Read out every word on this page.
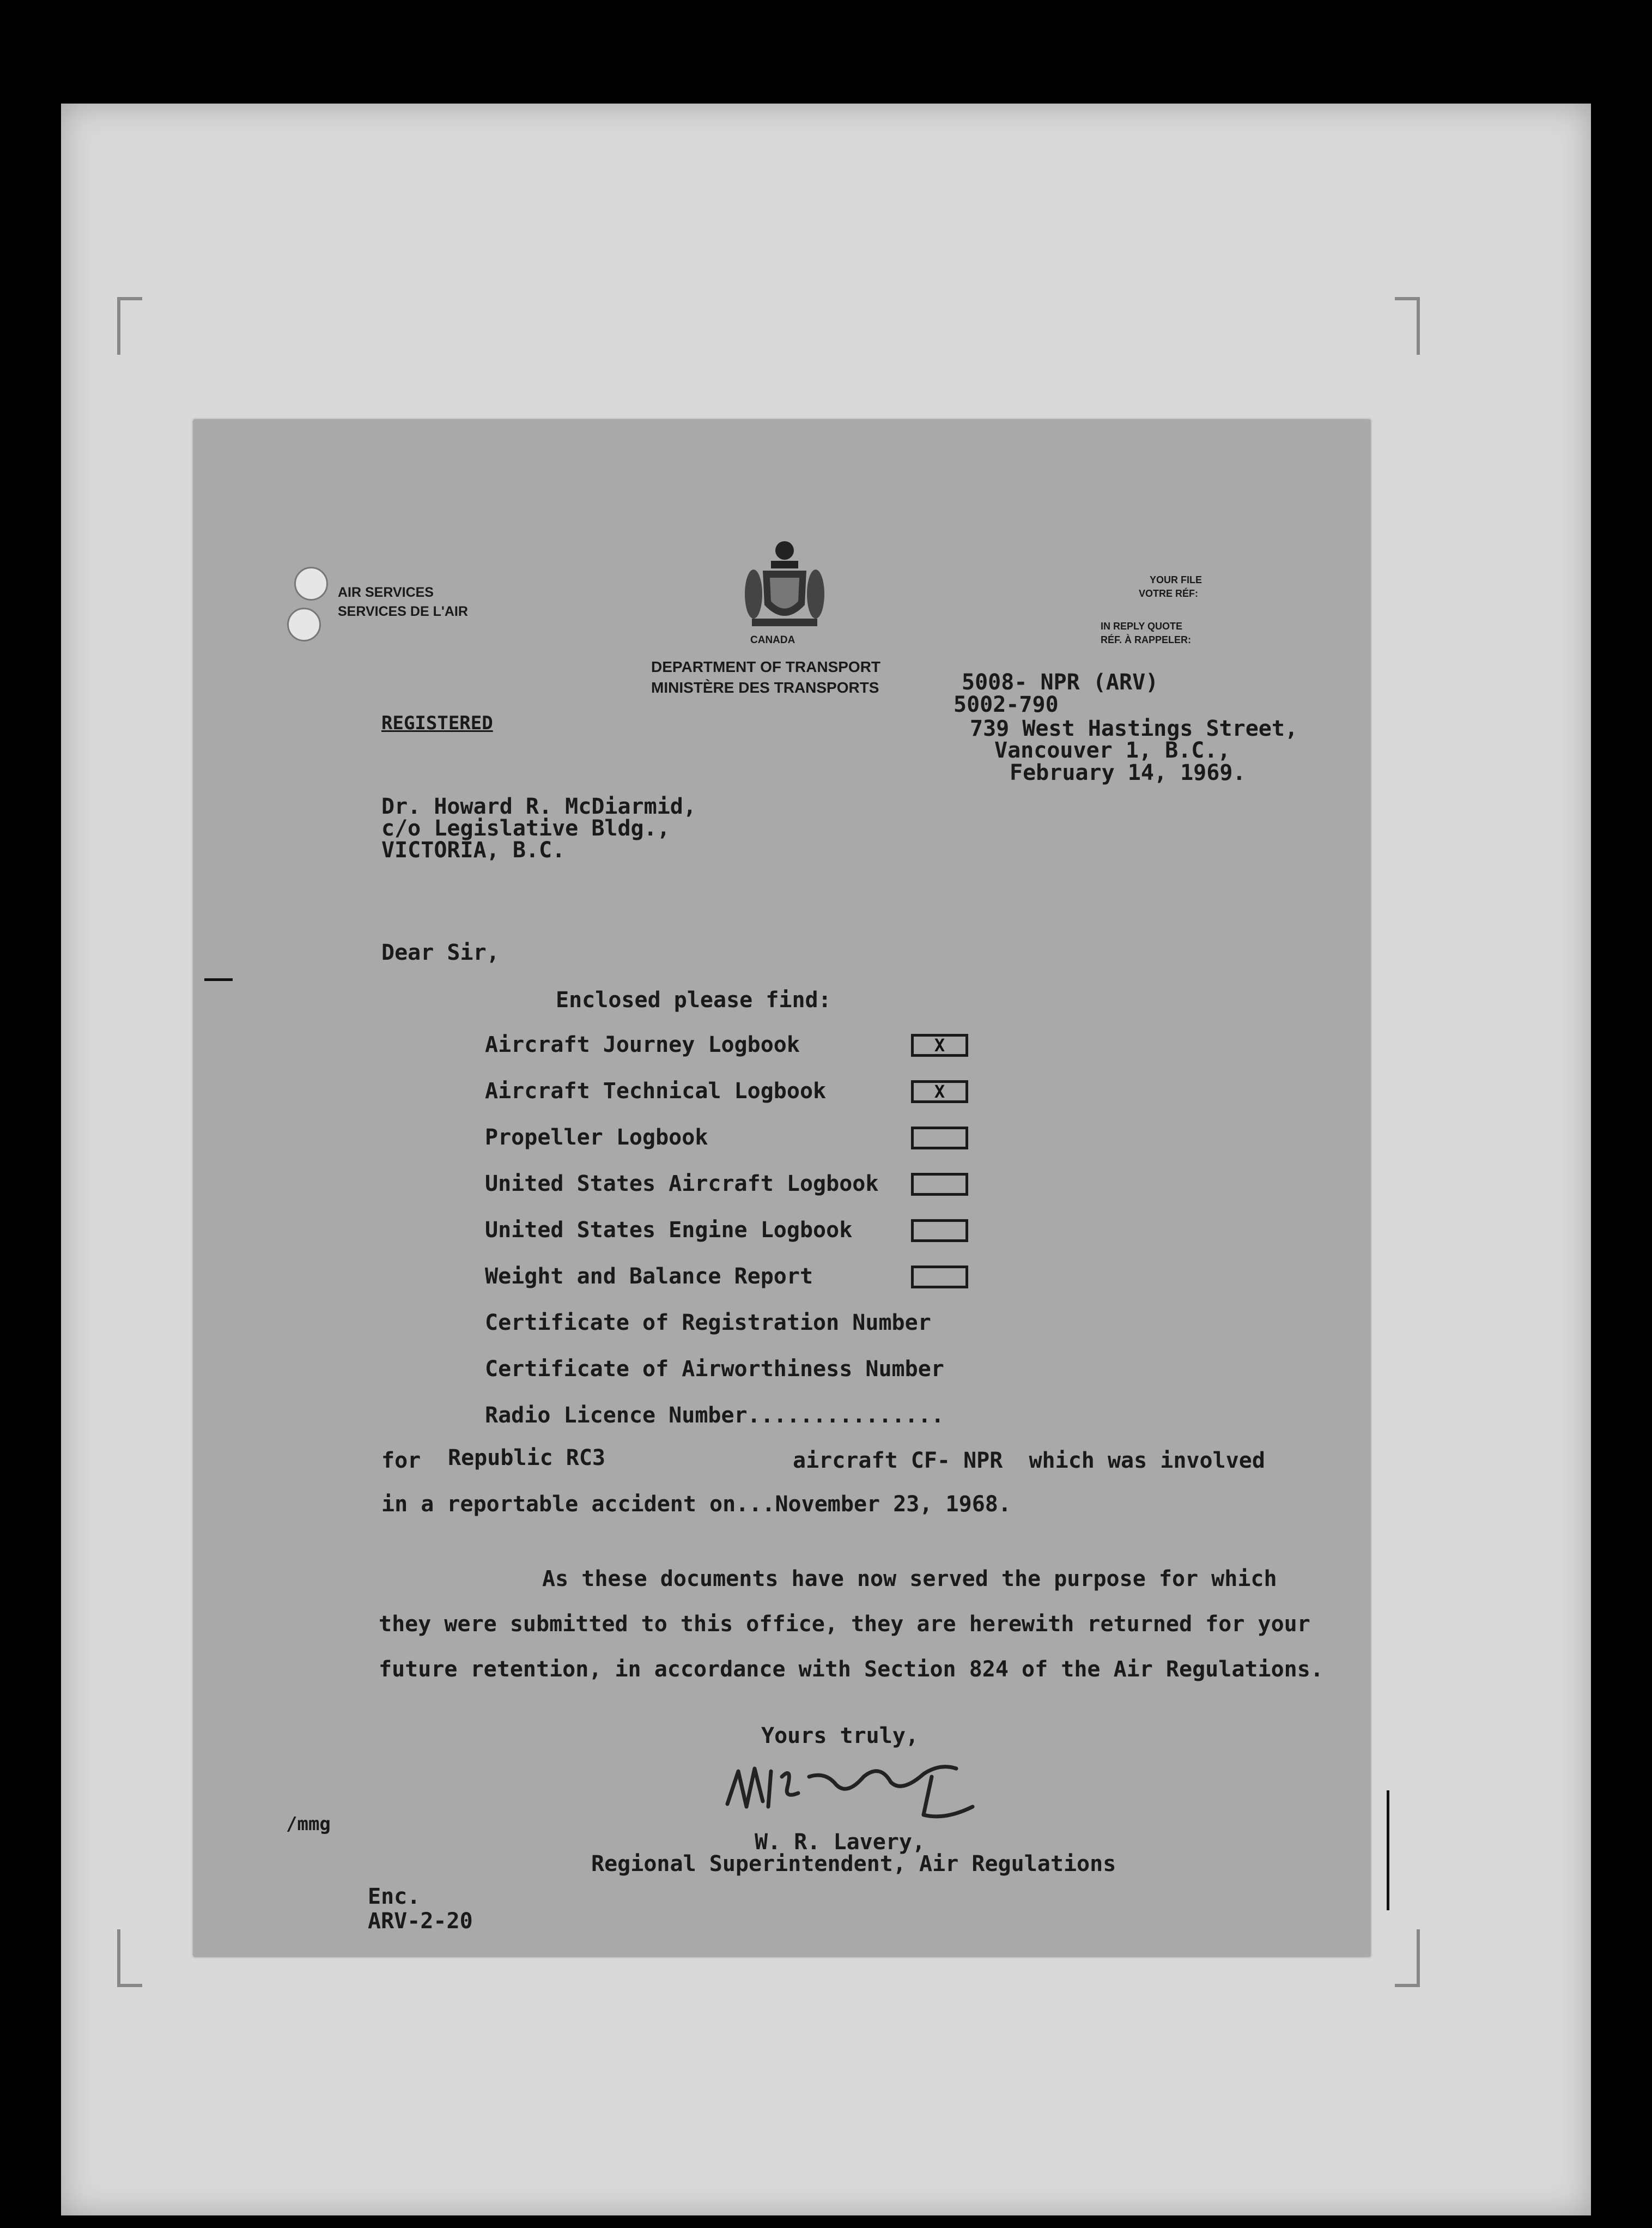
AIR SERVICES
SERVICES DE L'AIR
CANADA
DEPARTMENT OF TRANSPORT
MINISTÈRE DES TRANSPORTS
YOUR FILE
VOTRE RÉF:
IN REPLY QUOTE
RÉF. À RAPPELER:
5008- NPR (ARV)
5002-790
739 West Hastings Street,
Vancouver 1, B.C.,
February 14, 1969.
REGISTERED
Dr. Howard R. McDiarmid,
c/o Legislative Bldg.,
VICTORIA, B.C.
Dear Sir,
Enclosed please find:
Aircraft Journey Logbook	X
Aircraft Technical Logbook	X
Propeller Logbook
United States Aircraft Logbook
United States Engine Logbook
Weight and Balance Report
Certificate of Registration Number
Certificate of Airworthiness Number
Radio Licence Number...............
for Republic RC3	aircraft CF- NPR  which was involved
in a reportable accident on...November 23, 1968.
As these documents have now served the purpose for which
they were submitted to this office, they are herewith returned for your
future retention, in accordance with Section 824 of the Air Regulations.
Yours truly,
W. R. Lavery,
Regional Superintendent, Air Regulations
/mmg
Enc.
ARV-2-20
